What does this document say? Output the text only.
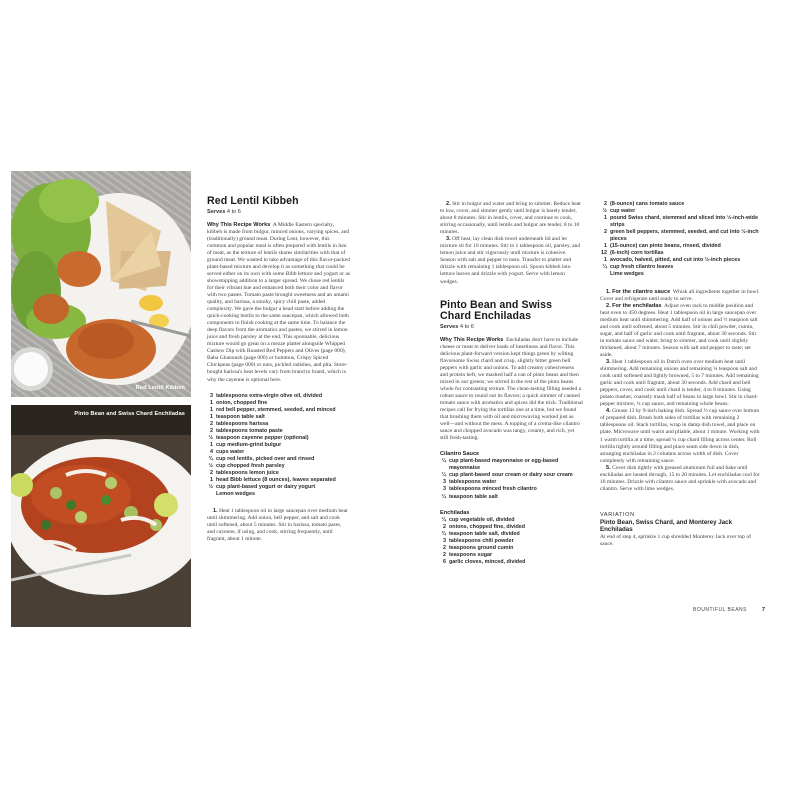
Red Lentil Kibbeh
Pinto Bean and Swiss Chard Enchiladas
Red Lentil Kibbeh
Serves 4 to 6

Why This Recipe Works A Middle Eastern specialty, kibbeh is made from bulgur, minced onions, varying spices, and (traditionally) ground meat. During Lent, however, this common and popular meal is often prepared with lentils in lieu of meat, as the texture of lentils shares similarities with that of ground meat. We wanted to take advantage of this flavor-packed plant-based mixture and develop it as something that could be served either on its own with some Bibb lettuce and yogurt or as showstopping addition to a larger spread. We chose red lentils for their vibrant hue and enhanced both their color and flavor with two pastes. Tomato paste brought sweetness and an umami quality, and harissa, a smoky, spicy chili paste, added complexity. We gave the bulgur a head start before adding the quick-cooking lentils to the same saucepan, which allowed both components to finish cooking at the same time. To balance the deep flavors from the aromatics and pastes, we stirred in lemon juice and fresh parsley at the end. This spoonable, delicious mixture would go great on a mezze platter alongside Whipped Cashew Dip with Roasted Red Peppers and Olives (page 000), Baba Ghanoush (page 000) or hummus, Crispy Spiced Chickpeas (page 000) or nuts, pickled radishes, and pita. Store-bought harissa's heat levels vary from brand to brand, which is why the cayenne is optional here.

3 tablespoons extra-virgin olive oil, divided
1 onion, chopped fine
1 red bell pepper, stemmed, seeded, and minced
1 teaspoon table salt
2 tablespoons harissa
2 tablespoons tomato paste
½ teaspoon cayenne pepper (optional)
1 cup medium-grind bulgur
4 cups water
¾ cup red lentils, picked over and rinsed
½ cup chopped fresh parsley
2 tablespoons lemon juice
1 head Bibb lettuce (8 ounces), leaves separated
½ cup plant-based yogurt or dairy yogurt
Lemon wedges

1. Heat 1 tablespoon oil in large saucepan over medium heat until shimmering. Add onion, bell pepper, and salt and cook until softened, about 5 minutes. Stir in harissa, tomato paste, and cayenne, if using, and cook, stirring frequently, until fragrant, about 1 minute.

2. Stir in bulgur and water and bring to simmer. Reduce heat to low, cover, and simmer gently until bulgur is barely tender, about 8 minutes. Stir in lentils, cover, and continue to cook, stirring occasionally, until lentils and bulgur are tender, 8 to 10 minutes.

3. Off heat, lay clean dish towel underneath lid and let mixture sit for 10 minutes. Stir in 1 tablespoon oil, parsley, and lemon juice and stir vigorously until mixture is cohesive. Season with salt and pepper to taste. Transfer to platter and drizzle with remaining 1 tablespoon oil. Spoon kibbeh into lettuce leaves and drizzle with yogurt. Serve with lemon wedges.

Pinto Bean and Swiss Chard Enchiladas
Serves 4 to 6

Why This Recipe Works Enchiladas don't have to include cheese or meat to deliver loads of heartiness and flavor. This delicious plant-forward version kept things green by wilting flavorsome Swiss chard and crisp, slightly bitter green bell peppers with garlic and onions. To add creamy cohesiveness and protein heft, we mashed half a can of pinto beans and then mixed in our greens; we stirred in the rest of the pinto beans whole for contrasting texture. The clean-tasting filling needed a robust sauce to round out its flavors; a quick simmer of canned tomato sauce with aromatics and spices did the trick. Traditional recipes call for frying the tortillas one at a time, but we found that brushing them with oil and microwaving worked just as well—and without the mess. A topping of a crema-like cilantro sauce and chopped avocado was tangy, creamy, and rich, yet still fresh-tasting.

Cilantro Sauce
¼ cup plant-based mayonnaise or egg-based mayonnaise
¼ cup plant-based sour cream or dairy sour cream
3 tablespoons water
3 tablespoons minced fresh cilantro
¼ teaspoon table salt
Enchiladas
¼ cup vegetable oil, divided
2 onions, chopped fine, divided
¾ teaspoon table salt, divided
3 tablespoons chili powder
2 teaspoons ground cumin
2 teaspoons sugar
6 garlic cloves, minced, divided
2 (8-ounce) cans tomato sauce
½ cup water
1 pound Swiss chard, stemmed and sliced into ½-inch-wide strips
2 green bell peppers, stemmed, seeded, and cut into ½-inch pieces
1 (15-ounce) can pinto beans, rinsed, divided
12 (6-inch) corn tortillas
1 avocado, halved, pitted, and cut into ½-inch pieces
¼ cup fresh cilantro leaves
Lime wedges

1. For the cilantro sauce Whisk all ingredients together in bowl. Cover and refrigerate until ready to serve.

2. For the enchiladas Adjust oven rack to middle position and heat oven to 450 degrees. Heat 1 tablespoon oil in large saucepan over medium heat until shimmering. Add half of onions and ½ teaspoon salt and cook until softened, about 5 minutes. Stir in chili powder, cumin, sugar, and half of garlic and cook until fragrant, about 30 seconds. Stir in tomato sauce and water, bring to simmer, and cook until slightly thickened, about 7 minutes. Season with salt and pepper to taste; set aside.

3. Heat 1 tablespoon oil in Dutch oven over medium heat until shimmering. Add remaining onions and remaining ¼ teaspoon salt and cook until softened and lightly browned, 5 to 7 minutes. Add remaining garlic and cook until fragrant, about 30 seconds. Add chard and bell peppers, cover, and cook until chard is tender, 4 to 8 minutes. Using potato masher, coarsely mash half of beans in large bowl. Stir in chard-pepper mixture, ¼ cup sauce, and remaining whole beans.

4. Grease 13 by 9-inch baking dish. Spread ½ cup sauce over bottom of prepared dish. Brush both sides of tortillas with remaining 2 tablespoons oil. Stack tortillas, wrap in damp dish towel, and place on plate. Microwave until warm and pliable, about 1 minute. Working with 1 warm tortilla at a time, spread ¼ cup chard filling across center. Roll tortilla tightly around filling and place seam side down in dish, arranging enchiladas in 2 columns across width of dish. Cover completely with remaining sauce.

5. Cover dish tightly with greased aluminum foil and bake until enchiladas are heated through, 15 to 20 minutes. Let enchiladas cool for 10 minutes. Drizzle with cilantro sauce and sprinkle with avocado and cilantro. Serve with lime wedges.

VARIATION
Pinto Bean, Swiss Chard, and Monterey Jack Enchiladas

At end of step 4, sprinkle 1 cup shredded Monterey Jack over top of sauce.

BOUNTIFUL BEANS	7
